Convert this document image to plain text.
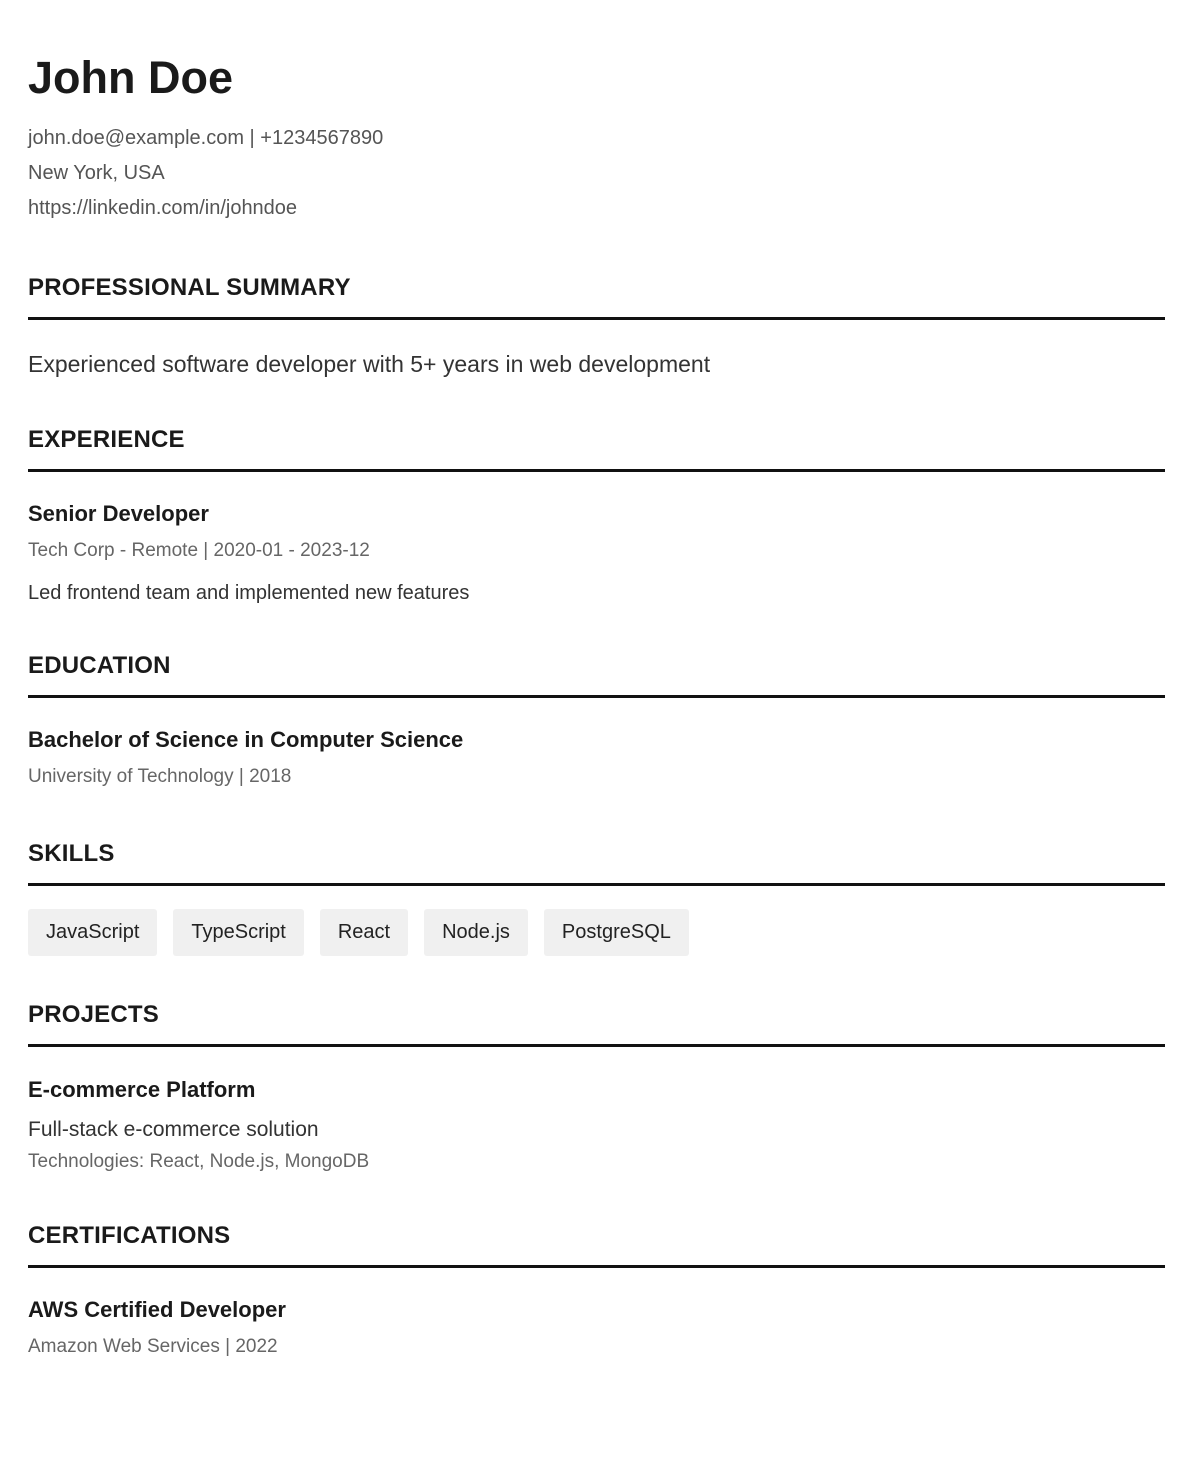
John Doe
john.doe@example.com | +1234567890
New York, USA
https://linkedin.com/in/johndoe
PROFESSIONAL SUMMARY
Experienced software developer with 5+ years in web development
EXPERIENCE
Senior Developer
Tech Corp - Remote | 2020-01 - 2023-12
Led frontend team and implemented new features
EDUCATION
Bachelor of Science in Computer Science
University of Technology | 2018
SKILLS
JavaScript	TypeScript	React	Node.js	PostgreSQL
PROJECTS
E-commerce Platform
Full-stack e-commerce solution
Technologies: React, Node.js, MongoDB
CERTIFICATIONS
AWS Certified Developer
Amazon Web Services | 2022
